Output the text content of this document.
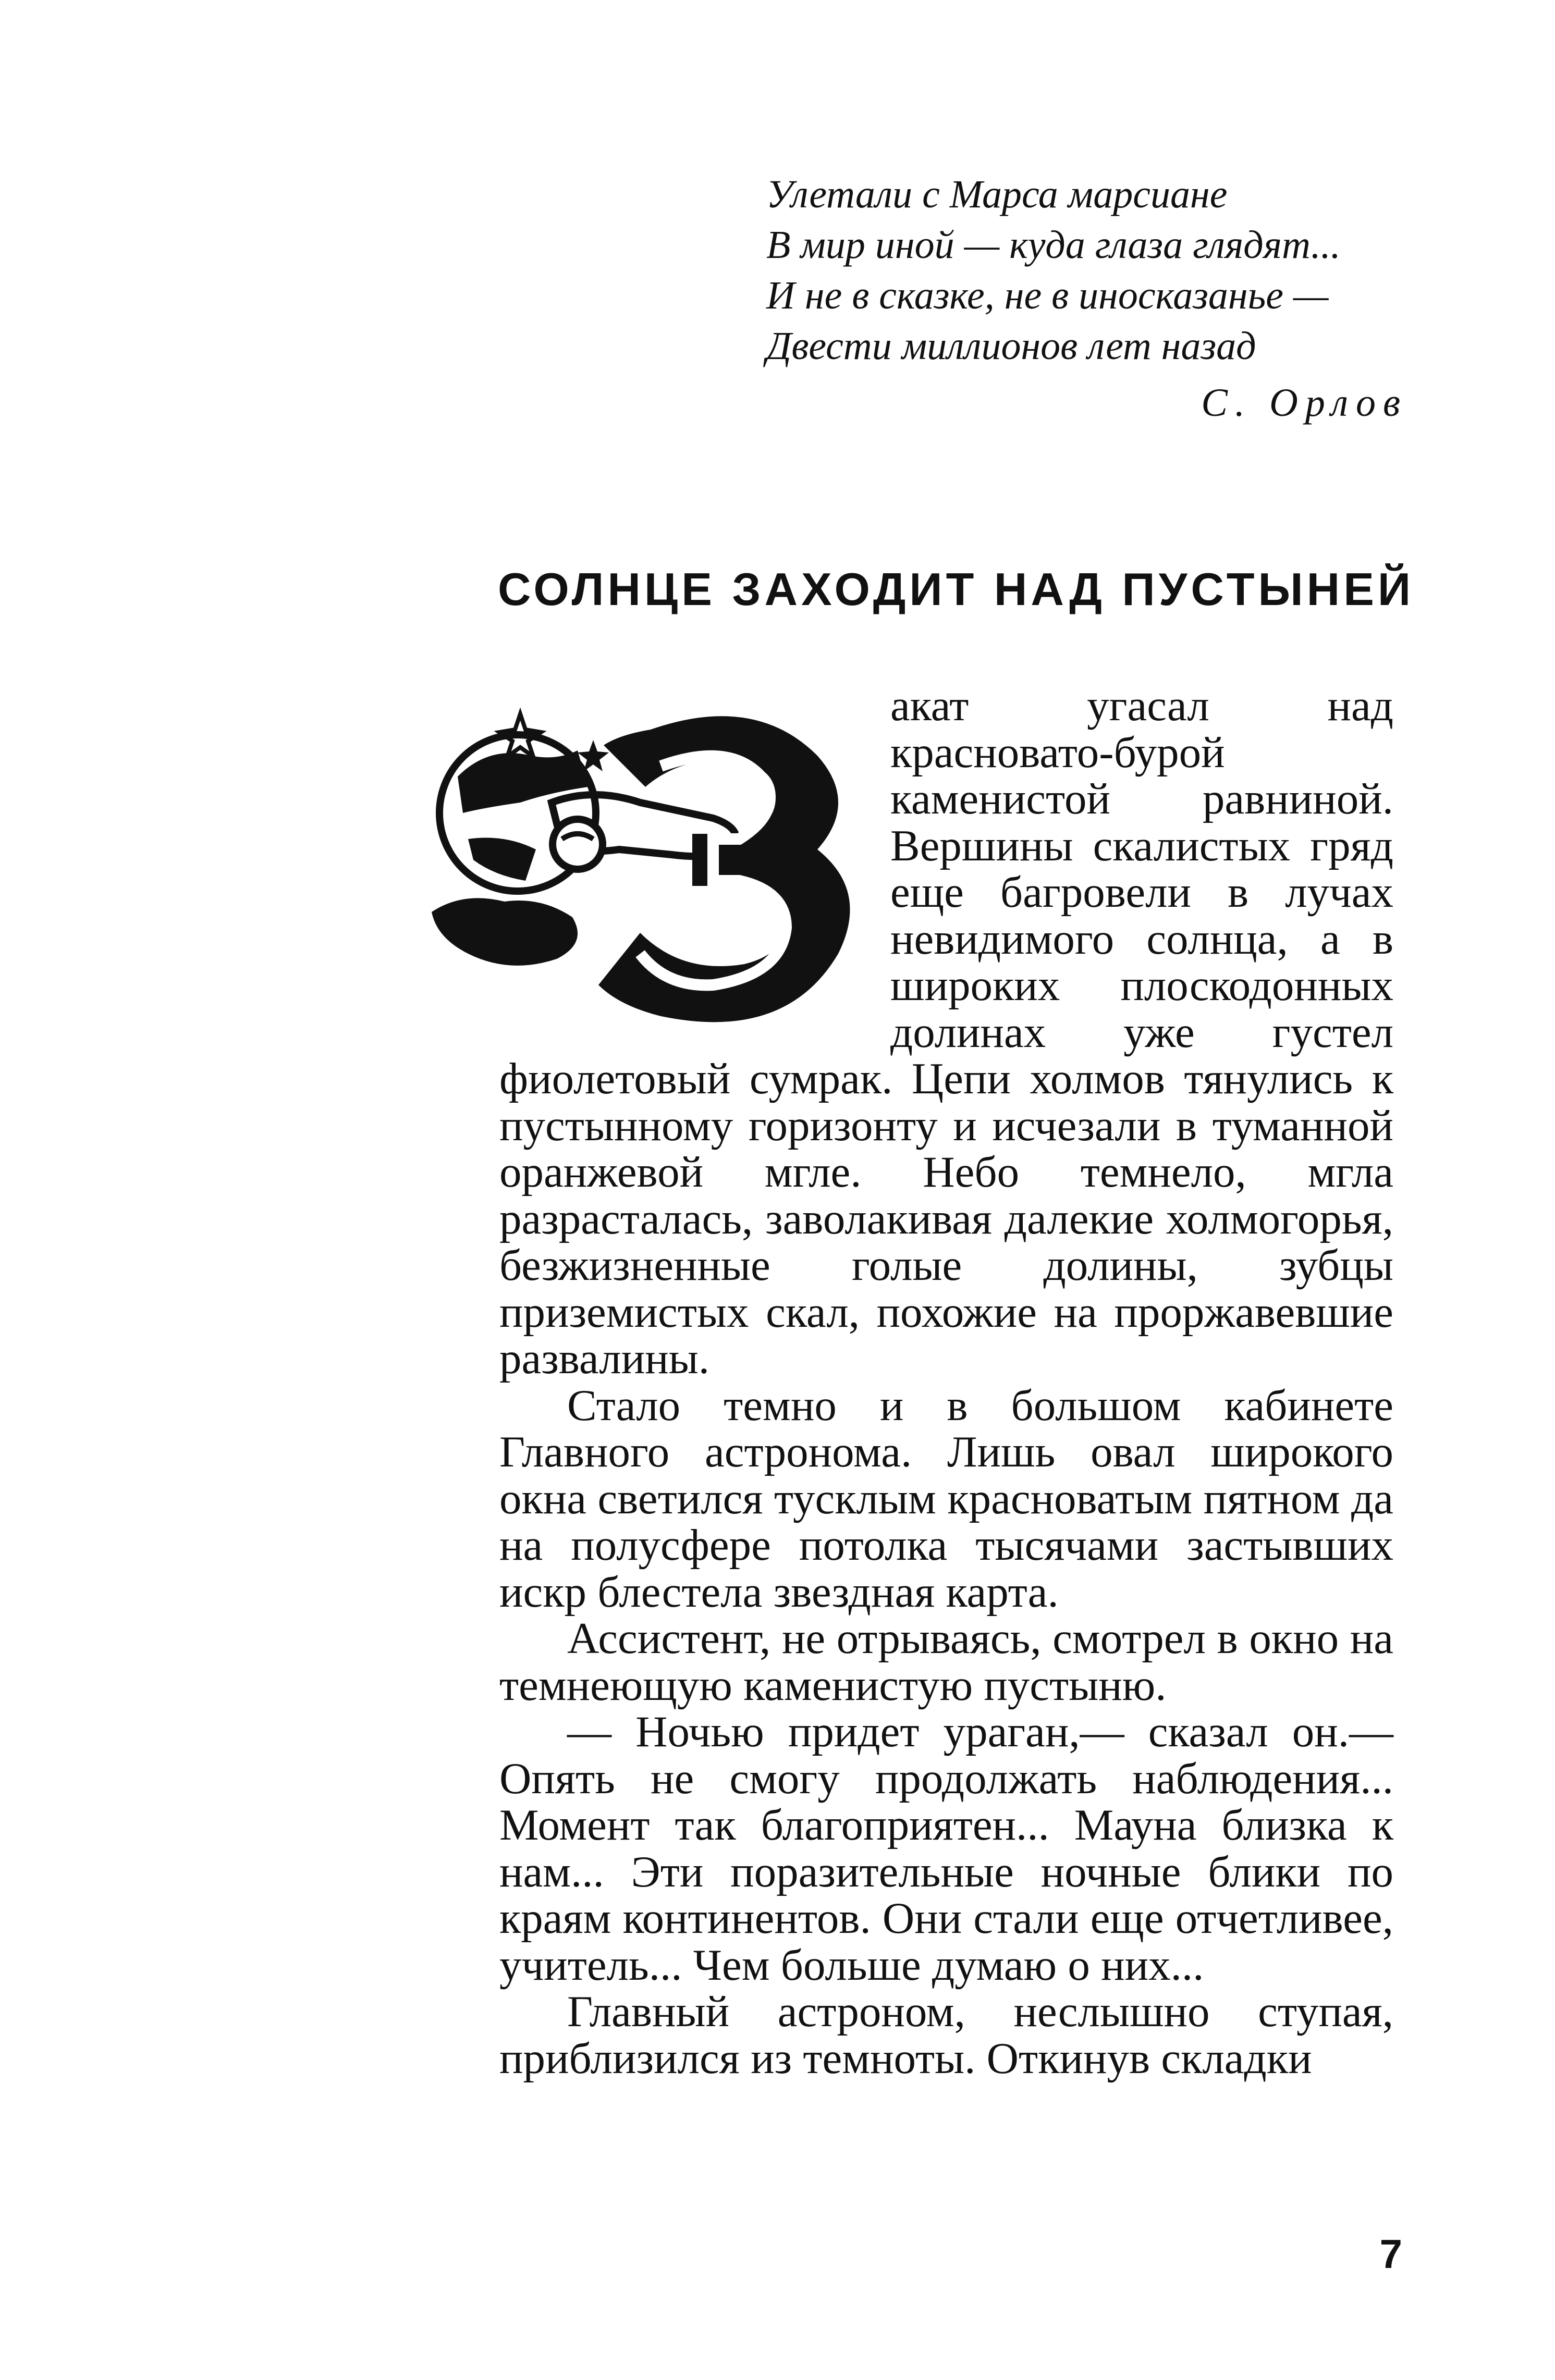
Улетали с Марса марсиане
В мир иной — куда глаза глядят...
И не в сказке, не в иносказанье —
Двести миллионов лет назад
С. Орлов
СОЛНЦЕ ЗАХОДИТ НАД ПУСТЫНЕЙ

акат угасал над красновато-бурой каменистой равниной. Вершины скалистых гряд еще багровели в лучах невидимого солнца, а в широких плоскодонных долинах уже густел фиолетовый сумрак. Цепи холмов тянулись к пустынному горизонту и исчезали в туманной оранжевой мгле. Небо темнело, мгла разрасталась, заволакивая далекие холмогорья, безжизненные голые долины, зубцы приземистых скал, похожие на проржавевшие развалины.

Стало темно и в большом кабинете Главного астронома. Лишь овал широкого окна светился тусклым красноватым пятном да на полусфере потолка тысячами застывших искр блестела звездная карта.

Ассистент, не отрываясь, смотрел в окно на темнеющую каменистую пустыню.

— Ночью придет ураган,— сказал он.— Опять не смогу продолжать наблюдения... Момент так благоприятен... Мауна близка к нам... Эти поразительные ночные блики по краям континентов. Они стали еще отчетливее, учитель... Чем больше думаю о них...

Главный астроном, неслышно ступая, приблизился из темноты. Откинув складки

7
